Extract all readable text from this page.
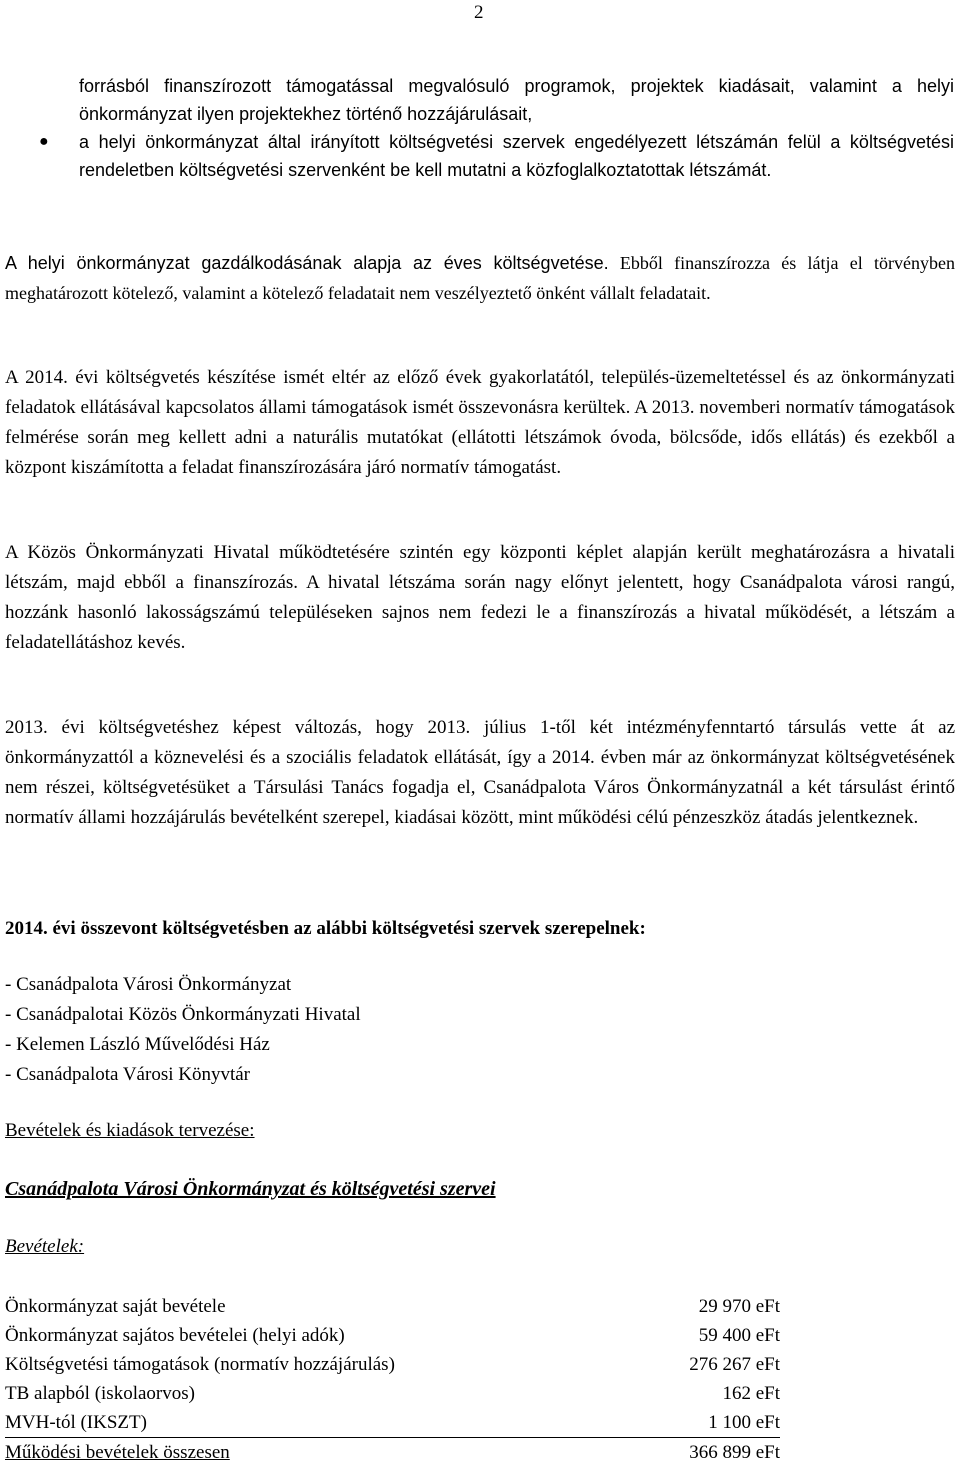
2
forrásból finanszírozott támogatással megvalósuló programok, projektek kiadásait, valamint a helyi önkormányzat ilyen projektekhez történő hozzájárulásait,
● a helyi önkormányzat által irányított költségvetési szervek engedélyezett létszámán felül a költségvetési rendeletben költségvetési szervenként be kell mutatni a közfoglalkoztatottak létszámát.
A helyi önkormányzat gazdálkodásának alapja az éves költségvetése. Ebből finanszírozza és látja el törvényben meghatározott kötelező, valamint a kötelező feladatait nem veszélyeztető önként vállalt feladatait.
A 2014. évi költségvetés készítése ismét eltér az előző évek gyakorlatától, település-üzemeltetéssel és az önkormányzati feladatok ellátásával kapcsolatos állami támogatások ismét összevonásra kerültek. A 2013. novemberi normatív támogatások felmérése során meg kellett adni a naturális mutatókat (ellátotti létszámok óvoda, bölcsőde, idős ellátás) és ezekből a központ kiszámította a feladat finanszírozására járó normatív támogatást.
A Közös Önkormányzati Hivatal működtetésére szintén egy központi képlet alapján került meghatározásra a hivatali létszám, majd ebből a finanszírozás. A hivatal létszáma során nagy előnyt jelentett, hogy Csanádpalota városi rangú, hozzánk hasonló lakosságszámú településeken sajnos nem fedezi le a finanszírozás a hivatal működését, a létszám a feladatellátáshoz kevés.
2013. évi költségvetéshez képest változás, hogy 2013. július 1-től két intézményfenntartó társulás vette át az önkormányzattól a köznevelési és a szociális feladatok ellátását, így a 2014. évben már az önkormányzat költségvetésének nem részei, költségvetésüket a Társulási Tanács fogadja el, Csanádpalota Város Önkormányzatnál a két társulást érintő normatív állami hozzájárulás bevételként szerepel, kiadásai között, mint működési célú pénzeszköz átadás jelentkeznek.
2014. évi összevont költségvetésben az alábbi költségvetési szervek szerepelnek:
- Csanádpalota Városi Önkormányzat
- Csanádpalotai Közös Önkormányzati Hivatal
- Kelemen László Művelődési Ház
- Csanádpalota Városi Könyvtár
Bevételek és kiadások tervezése:
Csanádpalota Városi Önkormányzat és költségvetési szervei
Bevételek:
Önkormányzat saját bevétele	29 970 eFt
Önkormányzat sajátos bevételei (helyi adók)	59 400 eFt
Költségvetési támogatások (normatív hozzájárulás)	276 267 eFt
TB alapból (iskolaorvos)	162 eFt
MVH-tól (IKSZT)	1 100 eFt
Működési bevételek összesen	366 899 eFt
